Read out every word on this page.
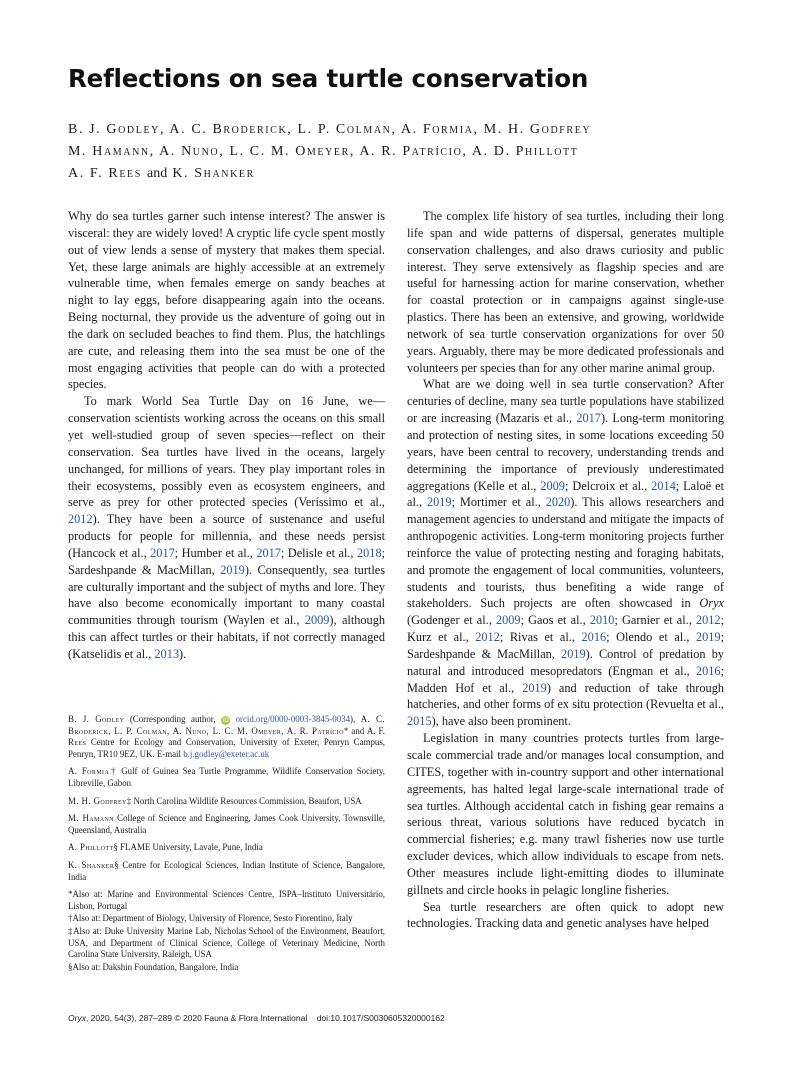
Reflections on sea turtle conservation
B. J. Godley, A. C. Broderick, L. P. Colman, A. Formia, M. H. Godfrey
M. Hamann, A. Nuno, L. C. M. Omeyer, A. R. Patrício, A. D. Phillott
A. F. Rees and K. Shanker

Why do sea turtles garner such intense interest? The answer is visceral: they are widely loved! A cryptic life cycle spent mostly out of view lends a sense of mystery that makes them special. Yet, these large animals are highly accessible at an extremely vulnerable time, when females emerge on sandy beaches at night to lay eggs, before disappearing again into the oceans. Being nocturnal, they provide us the adventure of going out in the dark on secluded beaches to find them. Plus, the hatchlings are cute, and releasing them into the sea must be one of the most engaging activities that people can do with a protected species.

To mark World Sea Turtle Day on 16 June, we—conservation scientists working across the oceans on this small yet well-studied group of seven species—reflect on their conservation. Sea turtles have lived in the oceans, largely unchanged, for millions of years. They play important roles in their ecosystems, possibly even as ecosystem engineers, and serve as prey for other protected species (Veríssimo et al., 2012). They have been a source of sustenance and useful products for people for millennia, and these needs persist (Hancock et al., 2017; Humber et al., 2017; Delisle et al., 2018; Sardeshpande & MacMillan, 2019). Consequently, sea turtles are culturally important and the subject of myths and lore. They have also become economically important to many coastal communities through tourism (Waylen et al., 2009), although this can affect turtles or their habitats, if not correctly managed (Katselidis et al., 2013).

B. J. Godley (Corresponding author, iD orcid.org/0000-0003-3845-0034), A. C. Broderick, L. P. Colman, A. Nuno, L. C. M. Omeyer, A. R. Patrício* and A. F. Rees Centre for Ecology and Conservation, University of Exeter, Penryn Campus, Penryn, TR10 9EZ, UK. E-mail b.j.godley@exeter.ac.uk

A. Formia† Gulf of Guinea Sea Turtle Programme, Wildlife Conservation Society, Libreville, Gabon

M. H. Godfrey‡ North Carolina Wildlife Resources Commission, Beaufort, USA

M. Hamann College of Science and Engineering, James Cook University, Townsville, Queensland, Australia

A. Phillott§ FLAME University, Lavale, Pune, India

K. Shanker§ Centre for Ecological Sciences, Indian Institute of Science, Bangalore, India

*Also at: Marine and Environmental Sciences Centre, ISPA–Instituto Universitário, Lisbon, Portugal

†Also at: Department of Biology, University of Florence, Sesto Fiorentino, Italy

‡Also at: Duke University Marine Lab, Nicholas School of the Environment, Beaufort, USA, and Department of Clinical Science, College of Veterinary Medicine, North Carolina State University, Raleigh, USA

§Also at: Dakshin Foundation, Bangalore, India

The complex life history of sea turtles, including their long life span and wide patterns of dispersal, generates multiple conservation challenges, and also draws curiosity and public interest. They serve extensively as flagship species and are useful for harnessing action for marine conservation, whether for coastal protection or in campaigns against single-use plastics. There has been an extensive, and growing, worldwide network of sea turtle conservation organizations for over 50 years. Arguably, there may be more dedicated professionals and volunteers per species than for any other marine animal group.

What are we doing well in sea turtle conservation? After centuries of decline, many sea turtle populations have stabilized or are increasing (Mazaris et al., 2017). Long-term monitoring and protection of nesting sites, in some locations exceeding 50 years, have been central to recovery, understanding trends and determining the importance of previously underestimated aggregations (Kelle et al., 2009; Delcroix et al., 2014; Laloë et al., 2019; Mortimer et al., 2020). This allows researchers and management agencies to understand and mitigate the impacts of anthropogenic activities. Long-term monitoring projects further reinforce the value of protecting nesting and foraging habitats, and promote the engagement of local communities, volunteers, students and tourists, thus benefiting a wide range of stakeholders. Such projects are often showcased in Oryx (Godenger et al., 2009; Gaos et al., 2010; Garnier et al., 2012; Kurz et al., 2012; Rivas et al., 2016; Olendo et al., 2019; Sardeshpande & MacMillan, 2019). Control of predation by natural and introduced mesopredators (Engman et al., 2016; Madden Hof et al., 2019) and reduction of take through hatcheries, and other forms of ex situ protection (Revuelta et al., 2015), have also been prominent.

Legislation in many countries protects turtles from large-scale commercial trade and/or manages local consumption, and CITES, together with in-country support and other international agreements, has halted legal large-scale international trade of sea turtles. Although accidental catch in fishing gear remains a serious threat, various solutions have reduced bycatch in commercial fisheries; e.g. many trawl fisheries now use turtle excluder devices, which allow individuals to escape from nets. Other measures include light-emitting diodes to illuminate gillnets and circle hooks in pelagic longline fisheries.

Sea turtle researchers are often quick to adopt new technologies. Tracking data and genetic analyses have helped

Oryx, 2020, 54(3), 287–289 © 2020 Fauna & Flora International doi:10.1017/S0030605320000162
